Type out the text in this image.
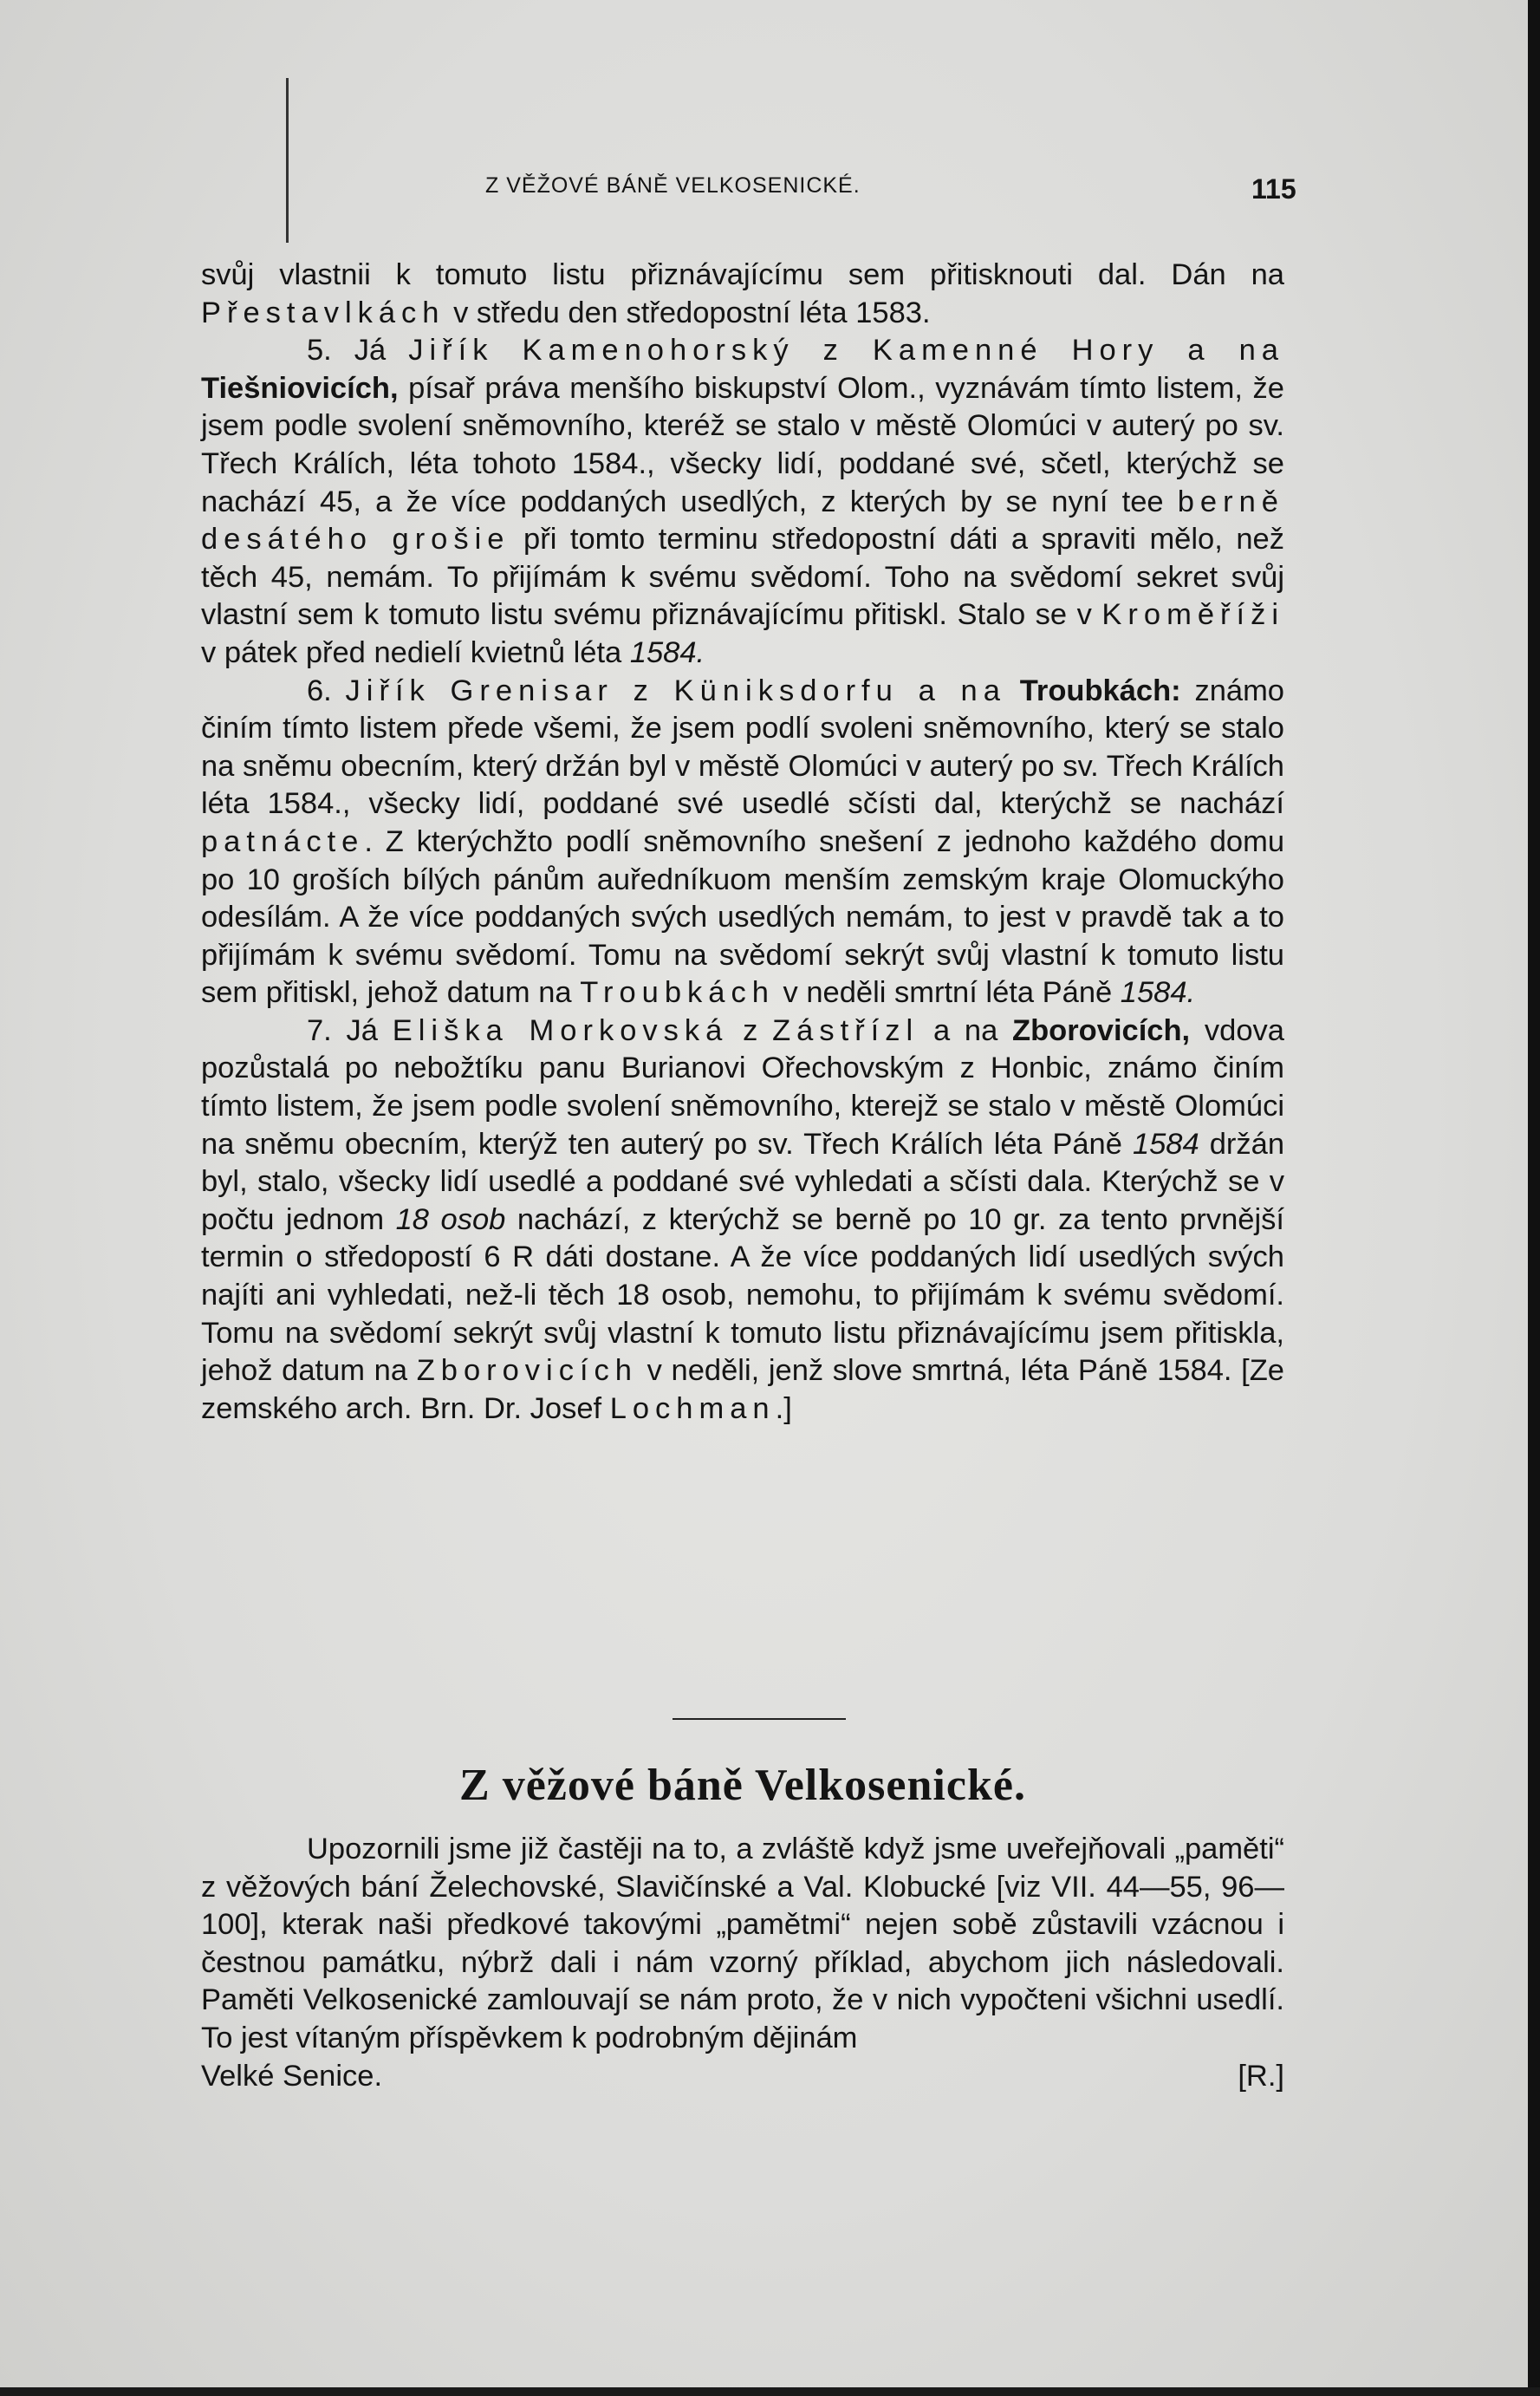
Z VĚŽOVÉ BÁNĚ VELKOSENICKÉ.	115

svůj vlastnii k tomuto listu přiznávajícímu sem přitisknouti dal. Dán na Přestavlkách v středu den středopostní léta 1583.

5. Já Jiřík Kamenohorský z Kamenné Hory a na Tiešniovicích, písař práva menšího biskupství Olom., vyznávám tímto listem, že jsem podle svolení sněmovního, kteréž se stalo v městě Olomúci v auterý po sv. Třech Králích, léta tohoto 1584., všecky lidí, poddané své, sčetl, kterýchž se nachází 45, a že více poddaných usedlých, z kterých by se nyní tee berně desátého grošie při tomto terminu středopostní dáti a spraviti mělo, než těch 45, nemám. To přijímám k svému svědomí. Toho na svědomí sekret svůj vlastní sem k tomuto listu svému přiznávajícímu přitiskl. Stalo se v Kroměříži v pátek před nedielí kvietnů léta 1584.

6. Jiřík Grenisar z Küniksdorfu a na Troubkách: známo činím tímto listem přede všemi, že jsem podlí svoleni sněmovního, který se stalo na sněmu obecním, který držán byl v městě Olomúci v auterý po sv. Třech Králích léta 1584., všecky lidí, poddané své usedlé sčísti dal, kterýchž se nachází patnácte. Z kterýchžto podlí sněmovního snešení z jednoho každého domu po 10 groších bílých pánům auředníkuom menším zemským kraje Olomuckýho odesílám. A že více poddaných svých usedlých nemám, to jest v pravdě tak a to přijímám k svému svědomí. Tomu na svědomí sekrýt svůj vlastní k tomuto listu sem přitiskl, jehož datum na Troubkách v neděli smrtní léta Páně 1584.

7. Já Eliška Morkovská z Zástřízl a na Zborovicích, vdova pozůstalá po nebožtíku panu Burianovi Ořechovským z Honbic, známo činím tímto listem, že jsem podle svolení sněmovního, kterejž se stalo v městě Olomúci na sněmu obecním, kterýž ten auterý po sv. Třech Králích léta Páně 1584 držán byl, stalo, všecky lidí usedlé a poddané své vyhledati a sčísti dala. Kterýchž se v počtu jednom 18 osob nachází, z kterýchž se berně po 10 gr. za tento prvnější termin o středopostí 6 R dáti dostane. A že více poddaných lidí usedlých svých najíti ani vyhledati, než-li těch 18 osob, nemohu, to přijímám k svému svědomí. Tomu na svědomí sekrýt svůj vlastní k tomuto listu přiznávajícímu jsem přitiskla, jehož datum na Zborovicích v neděli, jenž slove smrtná, léta Páně 1584. [Ze zemského arch. Brn. Dr. Josef Lochman.]

Z věžové báně Velkosenické.

Upozornili jsme již častěji na to, a zvláště když jsme uveřejňovali „paměti“ z věžových bání Želechovské, Slavičínské a Val. Klobucké [viz VII. 44—55, 96—100], kterak naši předkové takovými „pamětmi“ nejen sobě zůstavili vzácnou i čestnou památku, nýbrž dali i nám vzorný příklad, abychom jich následovali. Paměti Velkosenické zamlouvají se nám proto, že v nich vypočteni všichni usedlí. To jest vítaným příspěvkem k podrobným dějinám

Velké Senice.	[R.]
